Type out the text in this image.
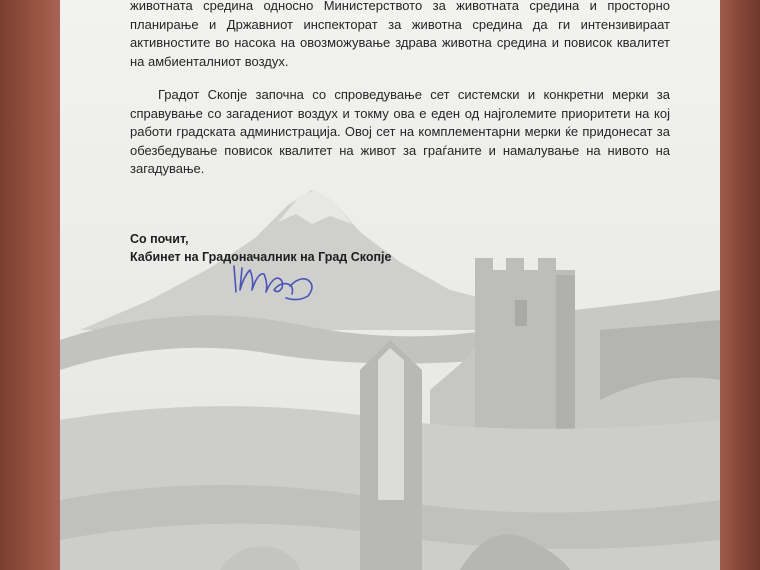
животната средина односно Министерството за животната средина и просторно планирање и Државниот инспекторат за животна средина да ги интензивираат активностите во насока на овозможување здрава животна средина и повисок квалитет на амбиенталниот воздух.
Градот Скопје започна со спроведување сет системски и конкретни мерки за справување со загадениот воздух и токму ова е еден од најголемите приоритети на кој работи градската администрација. Овој сет на комплементарни мерки ќе придонесат за обезбедување повисок квалитет на живот за граѓаните и намалување на нивото на загадување.
Со почит,
Кабинет на Градоначалник на Град Скопје
